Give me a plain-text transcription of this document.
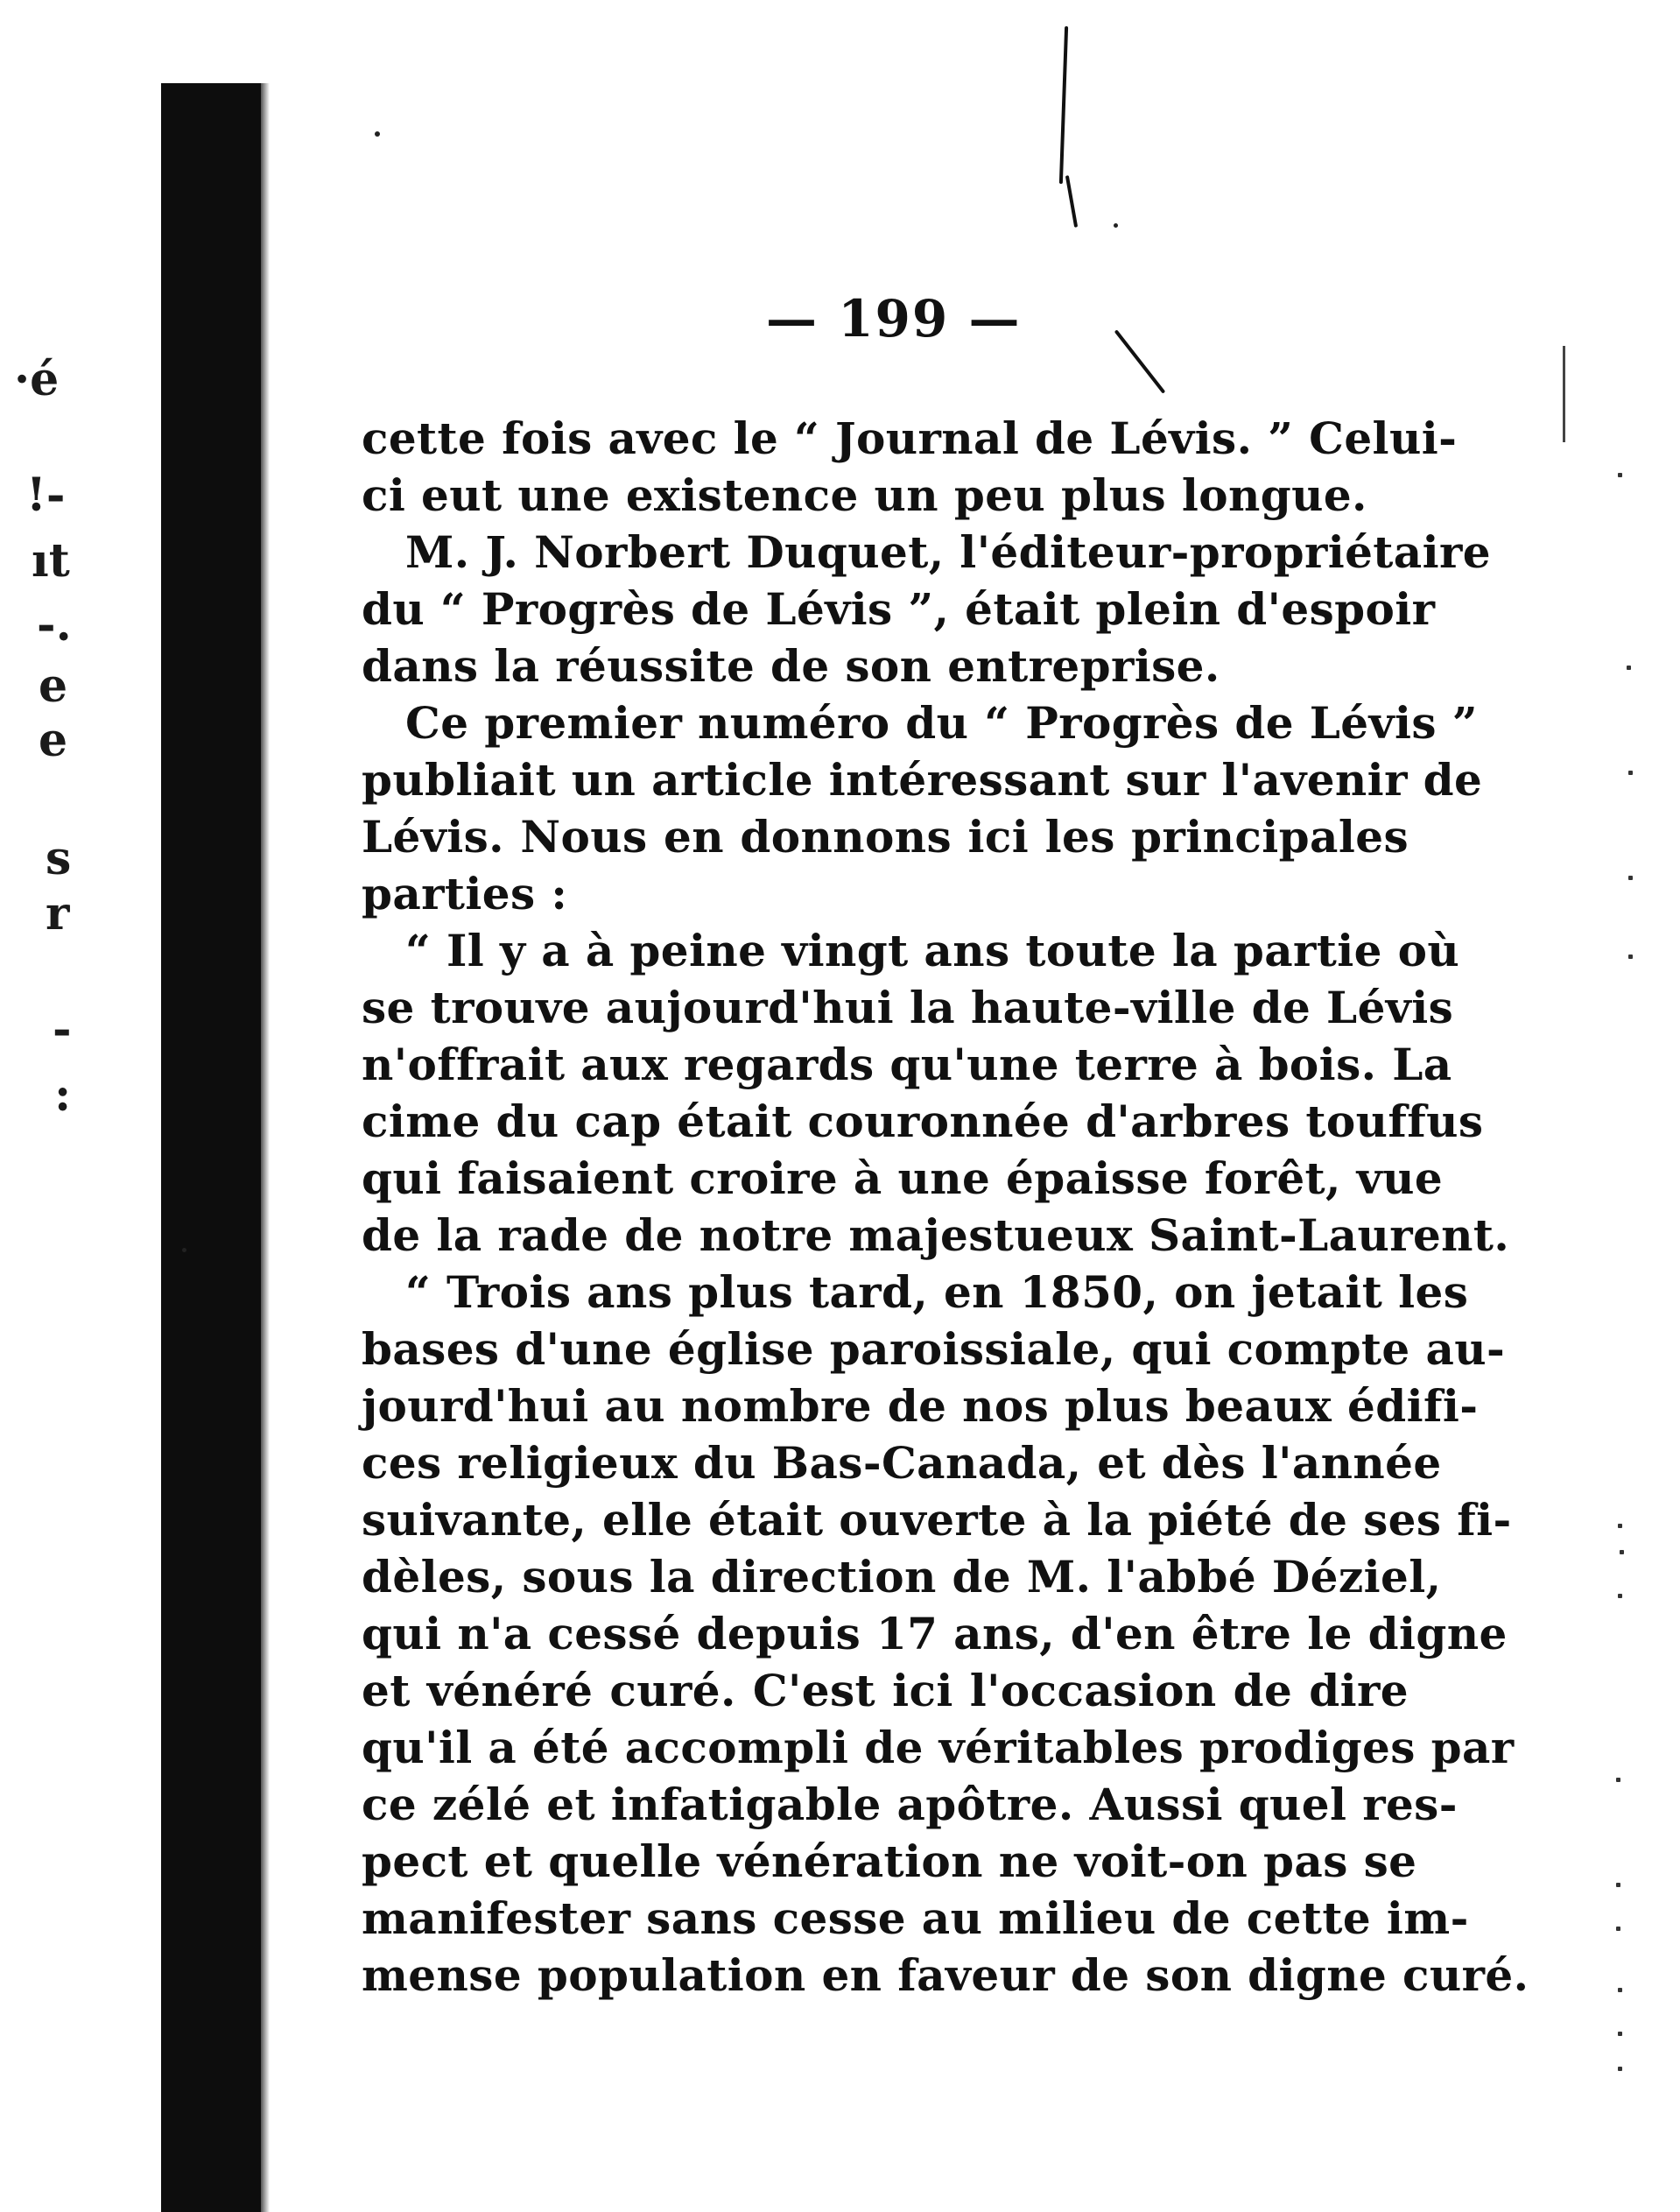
·é
!-
ıt
-.
e
e
s
r
-
:
— 199 —
cette fois avec le “ Journal de Lévis. ” Celui-
ci eut une existence un peu plus longue.
M. J. Norbert Duquet, l'éditeur-propriétaire
du “ Progrès de Lévis ”, était plein d'espoir
dans la réussite de son entreprise.
Ce premier numéro du “ Progrès de Lévis ”
publiait un article intéressant sur l'avenir de
Lévis. Nous en donnons ici les principales
parties :
“ Il y a à peine vingt ans toute la partie où
se trouve aujourd'hui la haute-ville de Lévis
n'offrait aux regards qu'une terre à bois. La
cime du cap était couronnée d'arbres touffus
qui faisaient croire à une épaisse forêt, vue
de la rade de notre majestueux Saint-Laurent.
“ Trois ans plus tard, en 1850, on jetait les
bases d'une église paroissiale, qui compte au-
jourd'hui au nombre de nos plus beaux édifi-
ces religieux du Bas-Canada, et dès l'année
suivante, elle était ouverte à la piété de ses fi-
dèles, sous la direction de M. l'abbé Déziel,
qui n'a cessé depuis 17 ans, d'en être le digne
et vénéré curé. C'est ici l'occasion de dire
qu'il a été accompli de véritables prodiges par
ce zélé et infatigable apôtre. Aussi quel res-
pect et quelle vénération ne voit-on pas se
manifester sans cesse au milieu de cette im-
mense population en faveur de son digne curé.
